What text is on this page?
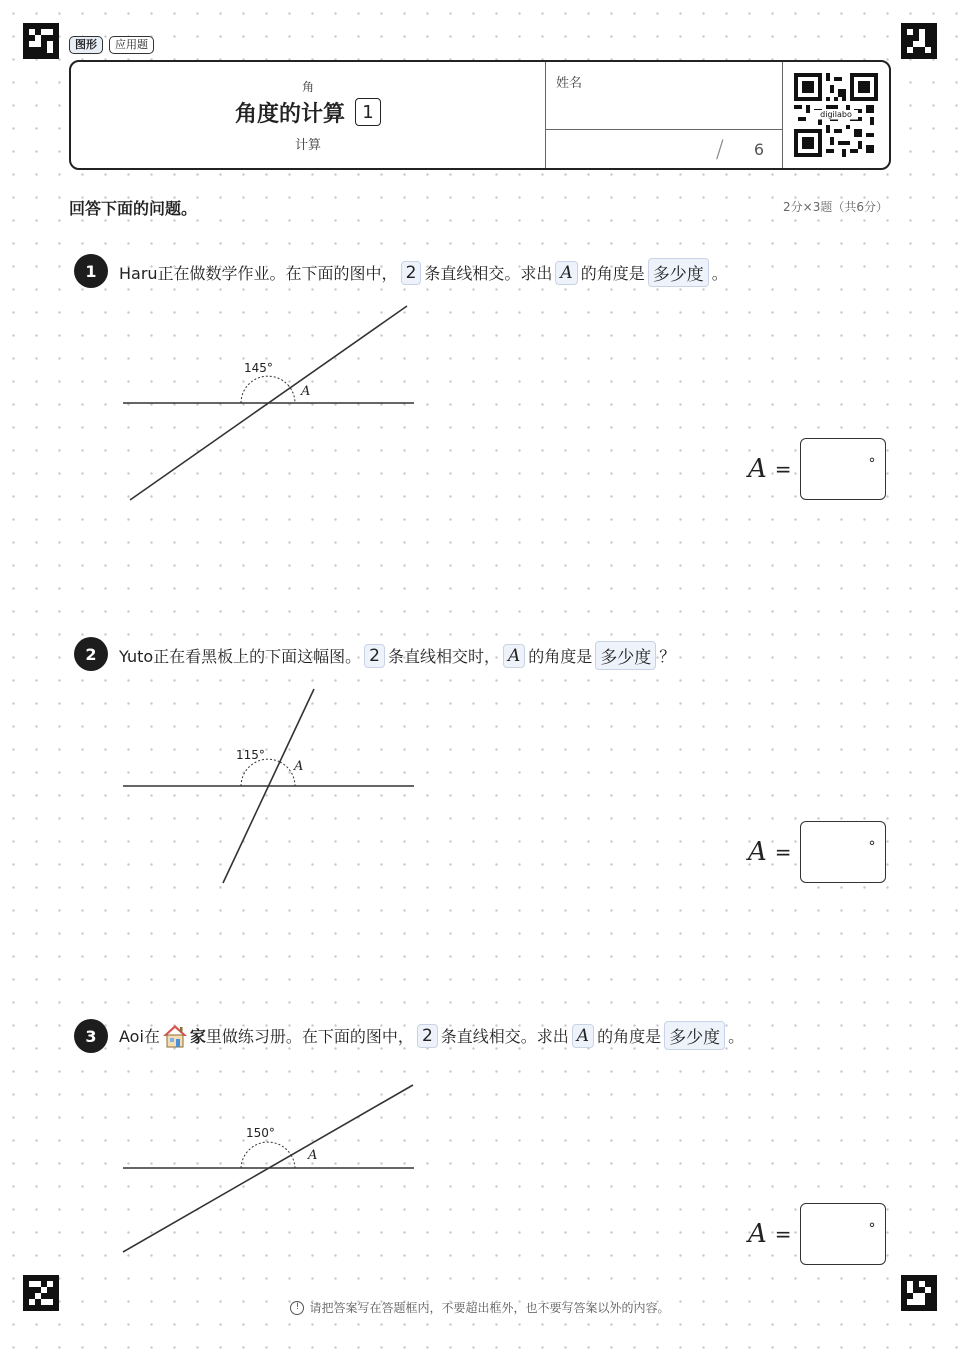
图形	应用题
角
角度的计算 1
计算
姓名
/ 6
digilabo
回答下面的问题。	2分×3题（共6分）
1	Haru正在做数学作业。在下面的图中， 2 条直线相交。求出 A 的角度是 多少度 。
145°
A
A =	°
2	Yuto正在看黑板上的下面这幅图。 2 条直线相交时， A 的角度是 多少度 ？
115°
A
A =	°
3	Aoi在 家 里做练习册。在下面的图中， 2 条直线相交。求出 A 的角度是 多少度 。
150°
A
A =	°
! 请把答案写在答题框内，不要超出框外，也不要写答案以外的内容。
